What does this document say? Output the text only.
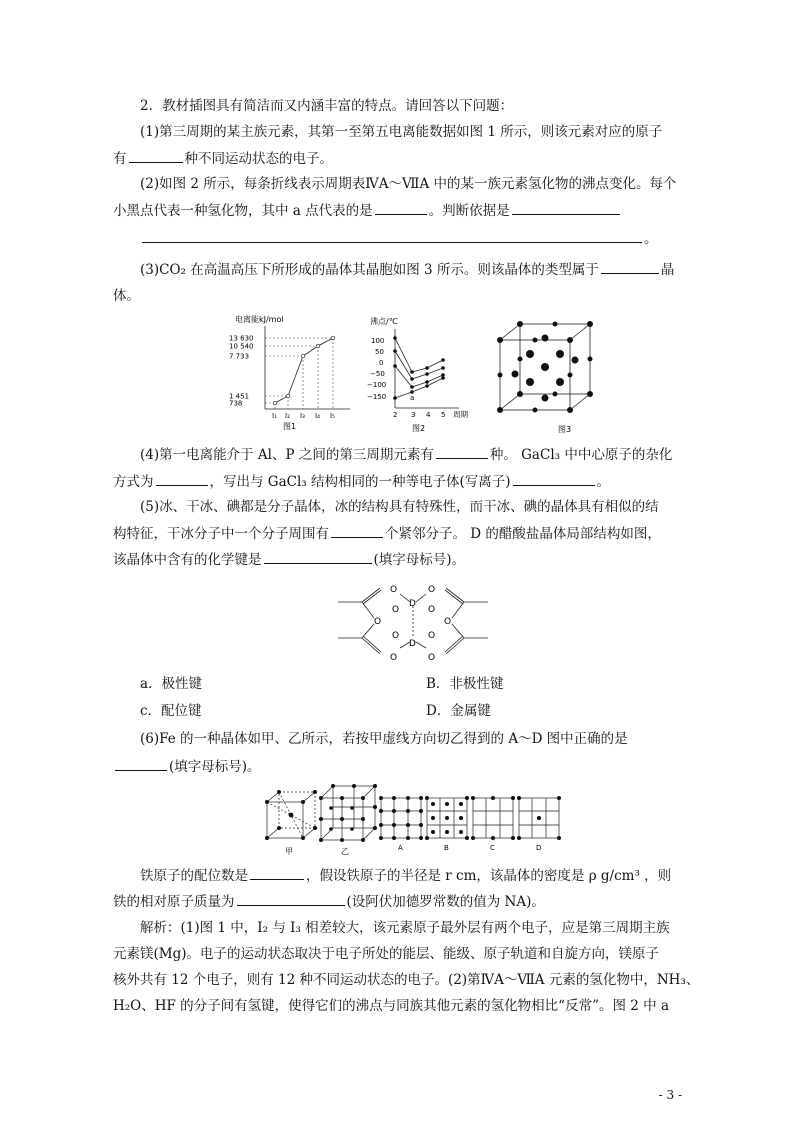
2．教材插图具有简洁而又内涵丰富的特点。请回答以下问题：
(1)第三周期的某主族元素，其第一至第五电离能数据如图 1 所示，则该元素对应的原子
有	种不同运动状态的电子。
(2)如图 2 所示，每条折线表示周期表ⅣA～ⅦA 中的某一族元素氢化物的沸点变化。每个
小黑点代表一种氢化物，其中 a 点代表的是	。判断依据是
。
(3)CO₂ 在高温高压下所形成的晶体其晶胞如图 3 所示。则该晶体的类型属于	晶
体。
电离能kJ/mol
13 630
10 540
7 733
1 451
738
I₁ I₂ I₃ I₄ I₅
图1
沸点/℃
100
50
0
−50
−100
−150
2 3 4 5 周期
a
图2	图3
(4)第一电离能介于 Al、P 之间的第三周期元素有	种。 GaCl₃ 中中心原子的杂化
方式为	，写出与 GaCl₃ 结构相同的一种等电子体(写离子)	。
(5)冰、干冰、碘都是分子晶体，冰的结构具有特殊性，而干冰、碘的晶体具有相似的结
构特征，干冰分子中一个分子周围有	个紧邻分子。 D 的醋酸盐晶体局部结构如图，
该晶体中含有的化学键是	(填字母标号)。
O	O
O	O
O	O
O	O
O	O
D
D
a．极性键	B．非极性键
c．配位键	D．金属键
(6)Fe 的一种晶体如甲、乙所示，若按甲虚线方向切乙得到的 A～D 图中正确的是
(填字母标号)。
甲	乙	A	B	C	D
铁原子的配位数是	，假设铁原子的半径是 r cm，该晶体的密度是 ρ g/cm³ ，则
铁的相对原子质量为	(设阿伏加德罗常数的值为 NA)。
解析：(1)图 1 中，I₂ 与 I₃ 相差较大，该元素原子最外层有两个电子，应是第三周期主族
元素镁(Mg)。电子的运动状态取决于电子所处的能层、能级、原子轨道和自旋方向，镁原子
核外共有 12 个电子，则有 12 种不同运动状态的电子。(2)第ⅣA～ⅦA 元素的氢化物中，NH₃、
H₂O、HF 的分子间有氢键，使得它们的沸点与同族其他元素的氢化物相比“反常”。图 2 中 a
- 3 -
